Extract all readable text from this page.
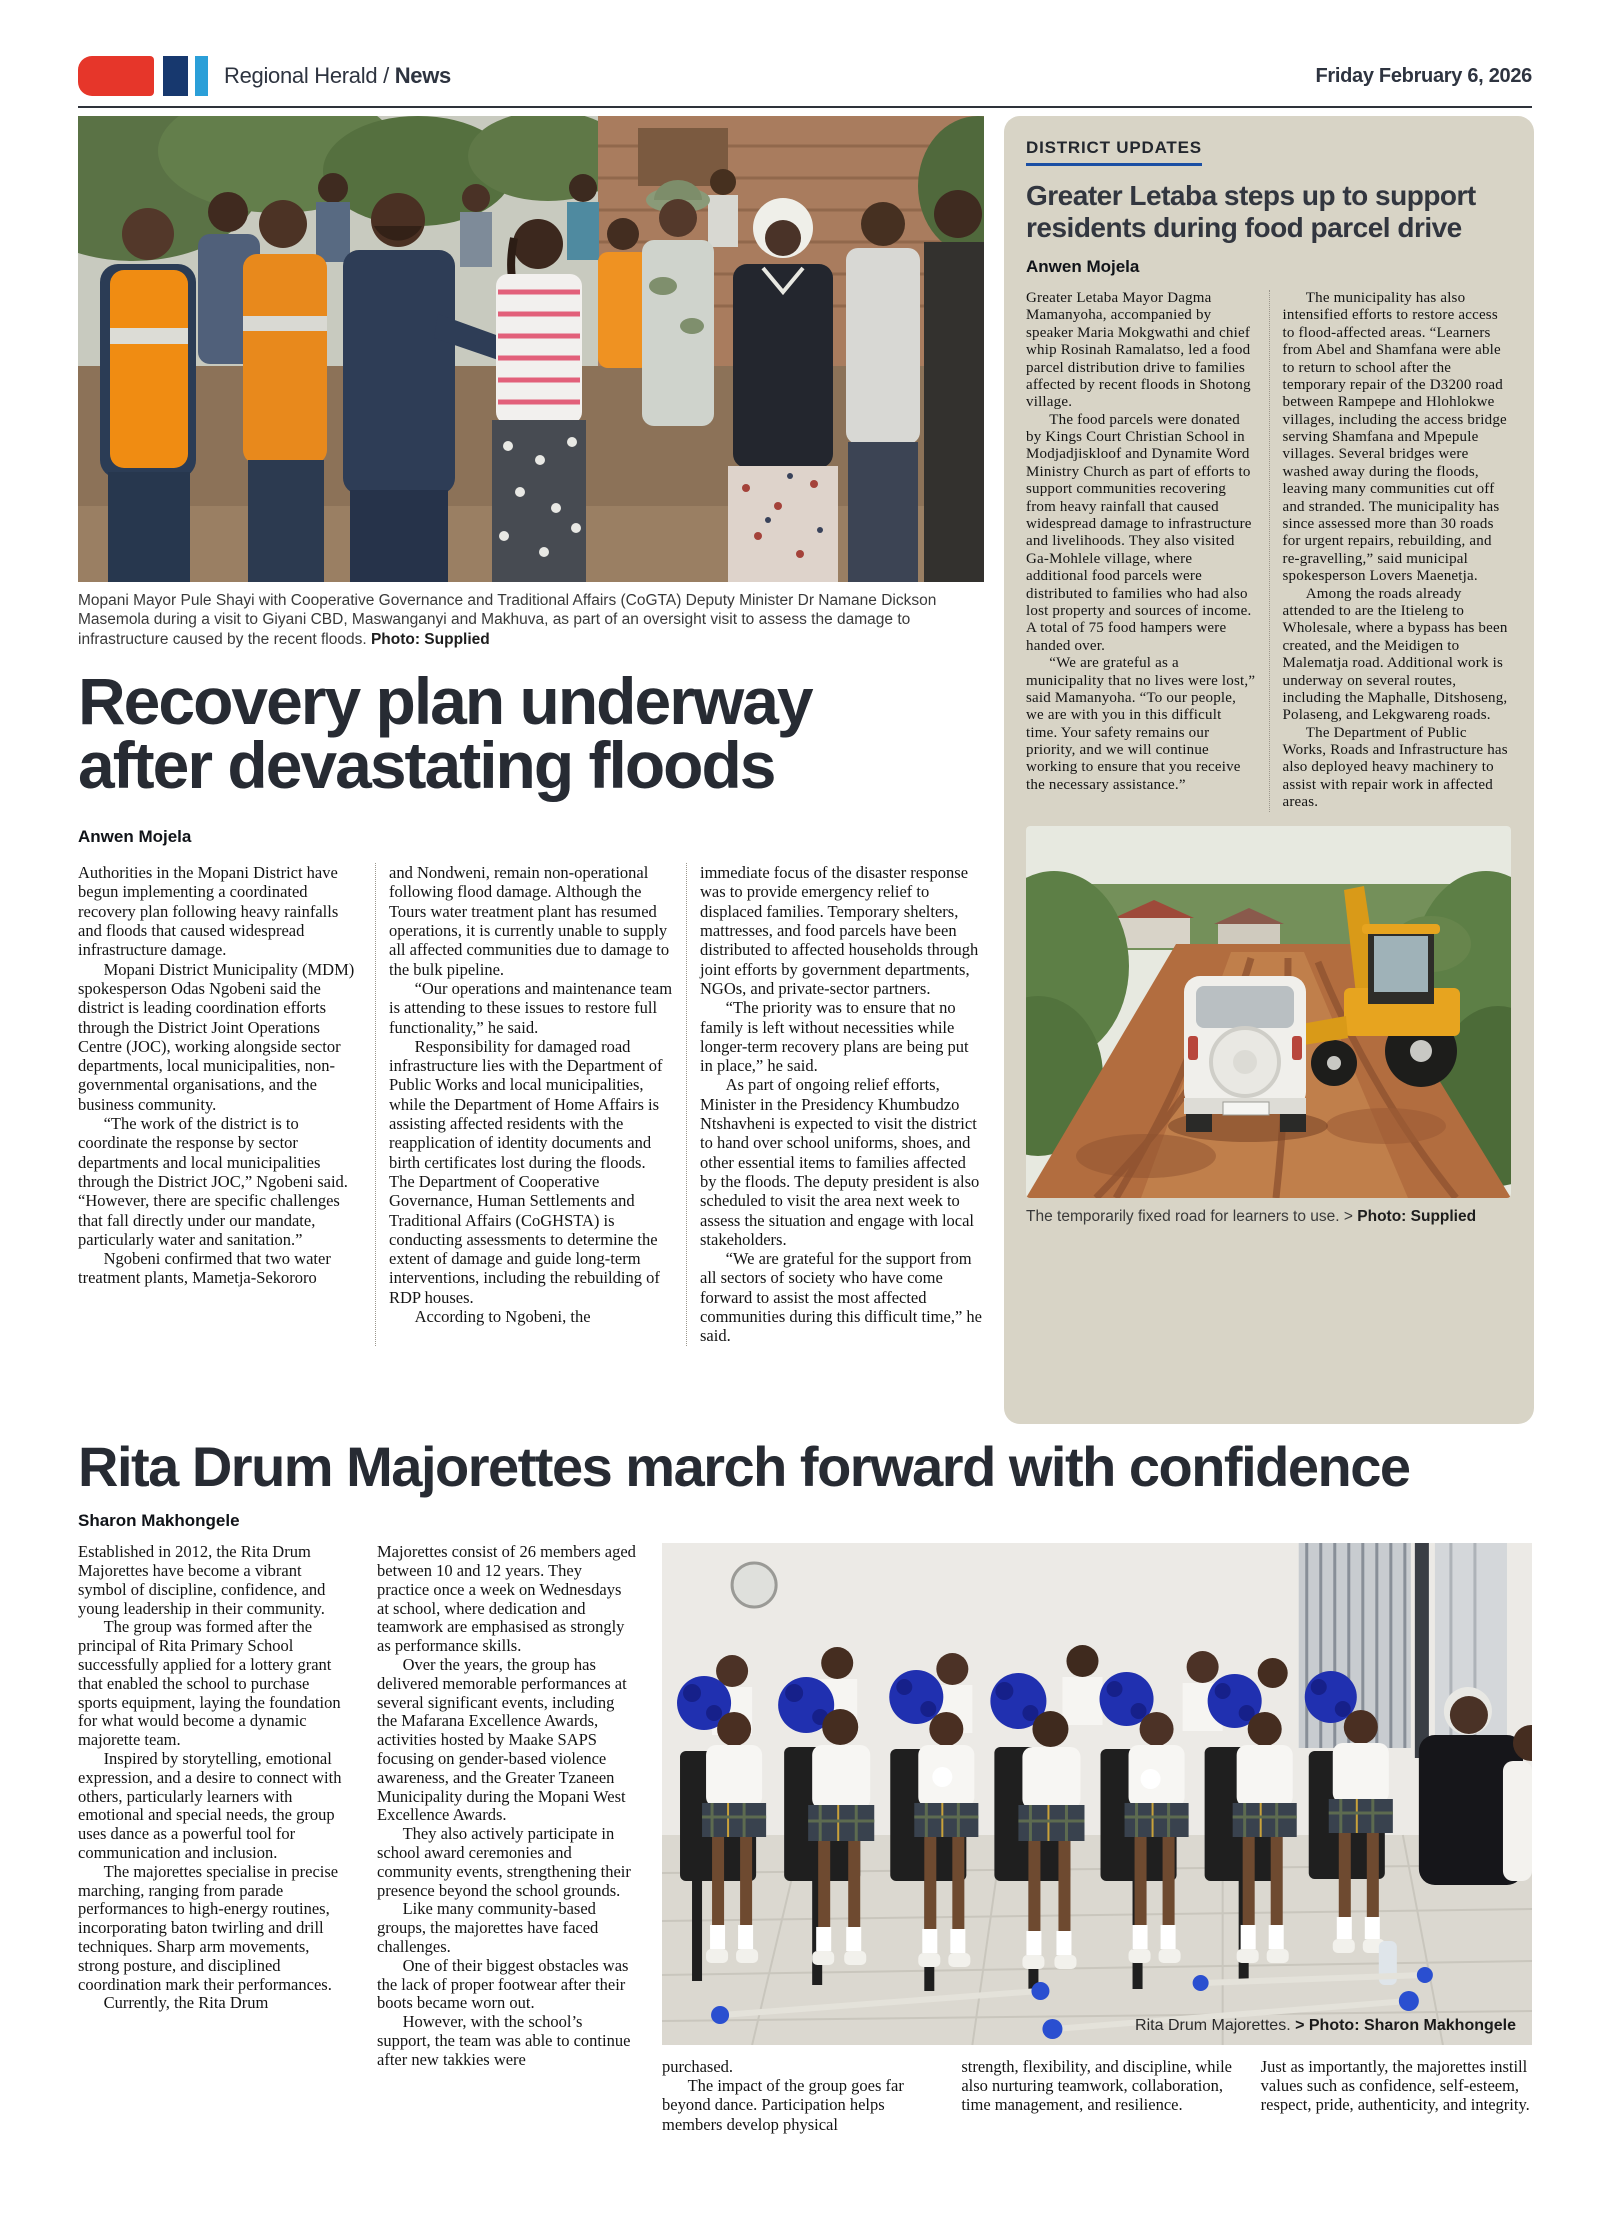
Regional Herald / News	Friday February 6, 2026
Mopani Mayor Pule Shayi with Cooperative Governance and Traditional Affairs (CoGTA) Deputy Minister Dr Namane Dickson Masemola during a visit to Giyani CBD, Maswanganyi and Makhuva, as part of an oversight visit to assess the damage to infrastructure caused by the recent floods. Photo: Supplied
Recovery plan underway after devastating floods
Anwen Mojela

Authorities in the Mopani District have begun implementing a coordinated recovery plan following heavy rainfalls and floods that caused widespread infrastructure damage.

Mopani District Municipality (MDM) spokesperson Odas Ngobeni said the district is leading coordination efforts through the District Joint Operations Centre (JOC), working alongside sector departments, local municipalities, non-governmental organisations, and the business community.

“The work of the district is to coordinate the response by sector departments and local municipalities through the District JOC,” Ngobeni said. “However, there are specific challenges that fall directly under our mandate, particularly water and sanitation.”

Ngobeni confirmed that two water treatment plants, Mametja-Sekororo

and Nondweni, remain non-operational following flood damage. Although the Tours water treatment plant has resumed operations, it is currently unable to supply all affected communities due to damage to the bulk pipeline.

“Our operations and maintenance team is attending to these issues to restore full functionality,” he said.

Responsibility for damaged road infrastructure lies with the Department of Public Works and local municipalities, while the Department of Home Affairs is assisting affected residents with the reapplication of identity documents and birth certificates lost during the floods. The Department of Cooperative Governance, Human Settlements and Traditional Affairs (CoGHSTA) is conducting assessments to determine the extent of damage and guide long-term interventions, including the rebuilding of RDP houses.

According to Ngobeni, the

immediate focus of the disaster response was to provide emergency relief to displaced families. Temporary shelters, mattresses, and food parcels have been distributed to affected households through joint efforts by government departments, NGOs, and private-sector partners.

“The priority was to ensure that no family is left without necessities while longer-term recovery plans are being put in place,” he said.

As part of ongoing relief efforts, Minister in the Presidency Khumbudzo Ntshavheni is expected to visit the district to hand over school uniforms, shoes, and other essential items to families affected by the floods. The deputy president is also scheduled to visit the area next week to assess the situation and engage with local stakeholders.

“We are grateful for the support from all sectors of society who have come forward to assist the most affected communities during this difficult time,” he said.

DISTRICT UPDATES
Greater Letaba steps up to support residents during food parcel drive
Anwen Mojela

Greater Letaba Mayor Dagma Mamanyoha, accompanied by speaker Maria Mokgwathi and chief whip Rosinah Ramalatso, led a food parcel distribution drive to families affected by recent floods in Shotong village.

The food parcels were donated by Kings Court Christian School in Modjadjiskloof and Dynamite Word Ministry Church as part of efforts to support communities recovering from heavy rainfall that caused widespread damage to infrastructure and livelihoods. They also visited Ga-Mohlele village, where additional food parcels were distributed to families who had also lost property and sources of income. A total of 75 food hampers were handed over.

“We are grateful as a municipality that no lives were lost,” said Mamanyoha. “To our people, we are with you in this difficult time. Your safety remains our priority, and we will continue working to ensure that you receive the necessary assistance.”

The municipality has also intensified efforts to restore access to flood-affected areas. “Learners from Abel and Shamfana were able to return to school after the temporary repair of the D3200 road between Rampepe and Hlohlokwe villages, including the access bridge serving Shamfana and Mpepule villages. Several bridges were washed away during the floods, leaving many communities cut off and stranded. The municipality has since assessed more than 30 roads for urgent repairs, rebuilding, and re-gravelling,” said municipal spokesperson Lovers Maenetja.

Among the roads already attended to are the Itieleng to Wholesale, where a bypass has been created, and the Meidigen to Malematja road. Additional work is underway on several routes, including the Maphalle, Ditshoseng, Polaseng, and Lekgwareng roads.

The Department of Public Works, Roads and Infrastructure has also deployed heavy machinery to assist with repair work in affected areas.

The temporarily fixed road for learners to use. > Photo: Supplied
Rita Drum Majorettes march forward with confidence
Sharon Makhongele

Established in 2012, the Rita Drum Majorettes have become a vibrant symbol of discipline, confidence, and young leadership in their community.

The group was formed after the principal of Rita Primary School successfully applied for a lottery grant that enabled the school to purchase sports equipment, laying the foundation for what would become a dynamic majorette team.

Inspired by storytelling, emotional expression, and a desire to connect with others, particularly learners with emotional and special needs, the group uses dance as a powerful tool for communication and inclusion.

The majorettes specialise in precise marching, ranging from parade performances to high-energy routines, incorporating baton twirling and drill techniques. Sharp arm movements, strong posture, and disciplined coordination mark their performances.

Currently, the Rita Drum

Majorettes consist of 26 members aged between 10 and 12 years. They practice once a week on Wednesdays at school, where dedication and teamwork are emphasised as strongly as performance skills.

Over the years, the group has delivered memorable performances at several significant events, including the Mafarana Excellence Awards, activities hosted by Maake SAPS focusing on gender-based violence awareness, and the Greater Tzaneen Municipality during the Mopani West Excellence Awards.

They also actively participate in school award ceremonies and community events, strengthening their presence beyond the school grounds.

Like many community-based groups, the majorettes have faced challenges.

One of their biggest obstacles was the lack of proper footwear after their boots became worn out.

However, with the school’s support, the team was able to continue after new takkies were

Rita Drum Majorettes. > Photo: Sharon Makhongele

purchased.

The impact of the group goes far beyond dance. Participation helps members develop physical

strength, flexibility, and discipline, while also nurturing teamwork, collaboration, time management, and resilience.

Just as importantly, the majorettes instill values such as confidence, self-esteem, respect, pride, authenticity, and integrity.
